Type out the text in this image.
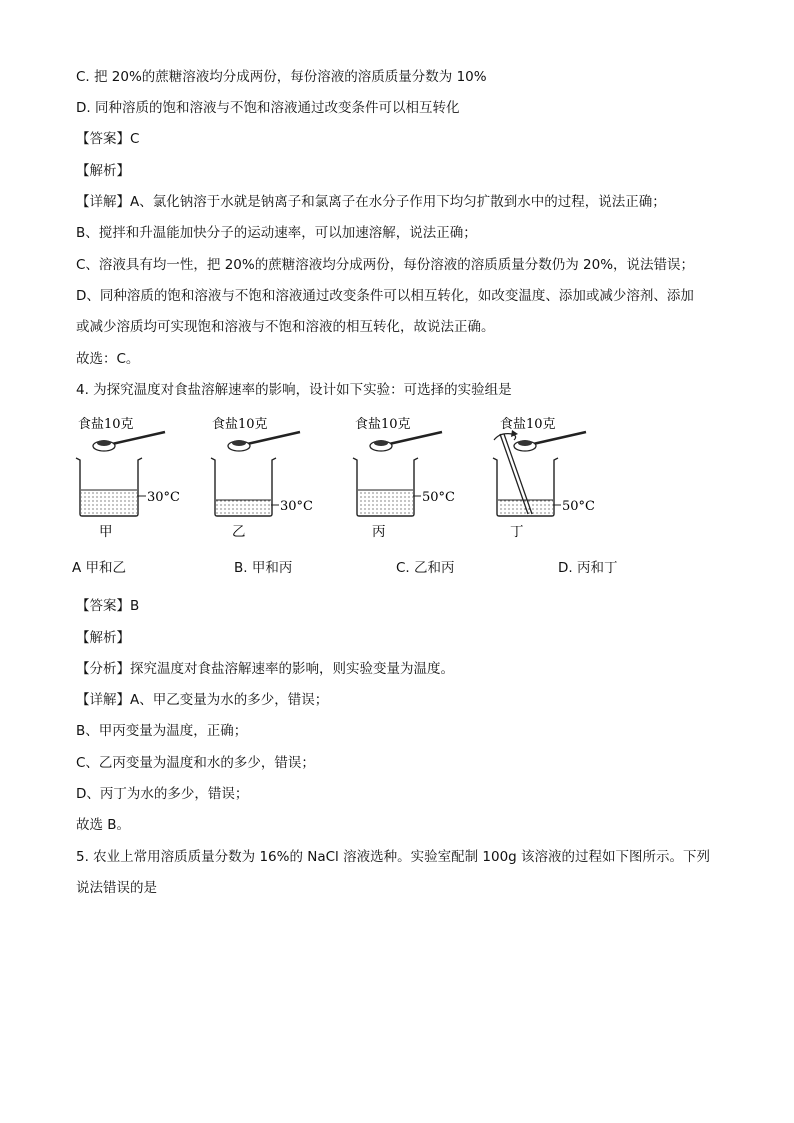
C. 把 20%的蔗糖溶液均分成两份，每份溶液的溶质质量分数为 10%
D. 同种溶质的饱和溶液与不饱和溶液通过改变条件可以相互转化
【答案】C
【解析】
【详解】A、氯化钠溶于水就是钠离子和氯离子在水分子作用下均匀扩散到水中的过程，说法正确；
B、搅拌和升温能加快分子的运动速率，可以加速溶解，说法正确；
C、溶液具有均一性，把 20%的蔗糖溶液均分成两份，每份溶液的溶质质量分数仍为 20%，说法错误；
D、同种溶质的饱和溶液与不饱和溶液通过改变条件可以相互转化，如改变温度、添加或减少溶剂、添加
或减少溶质均可实现饱和溶液与不饱和溶液的相互转化，故说法正确。
故选：C。
4. 为探究温度对食盐溶解速率的影响，设计如下实验：可选择的实验组是
食盐10克
30°C
甲
食盐10克
30°C
乙
食盐10克
50°C
丙
食盐10克
50°C
丁
A 甲和乙	B. 甲和丙	C. 乙和丙	D. 丙和丁
【答案】B
【解析】
【分析】探究温度对食盐溶解速率的影响，则实验变量为温度。
【详解】A、甲乙变量为水的多少，错误；
B、甲丙变量为温度，正确；
C、乙丙变量为温度和水的多少，错误；
D、丙丁为水的多少，错误；
故选 B。
5. 农业上常用溶质质量分数为 16%的 NaCl 溶液选种。实验室配制 100g 该溶液的过程如下图所示。下列
说法错误的是
